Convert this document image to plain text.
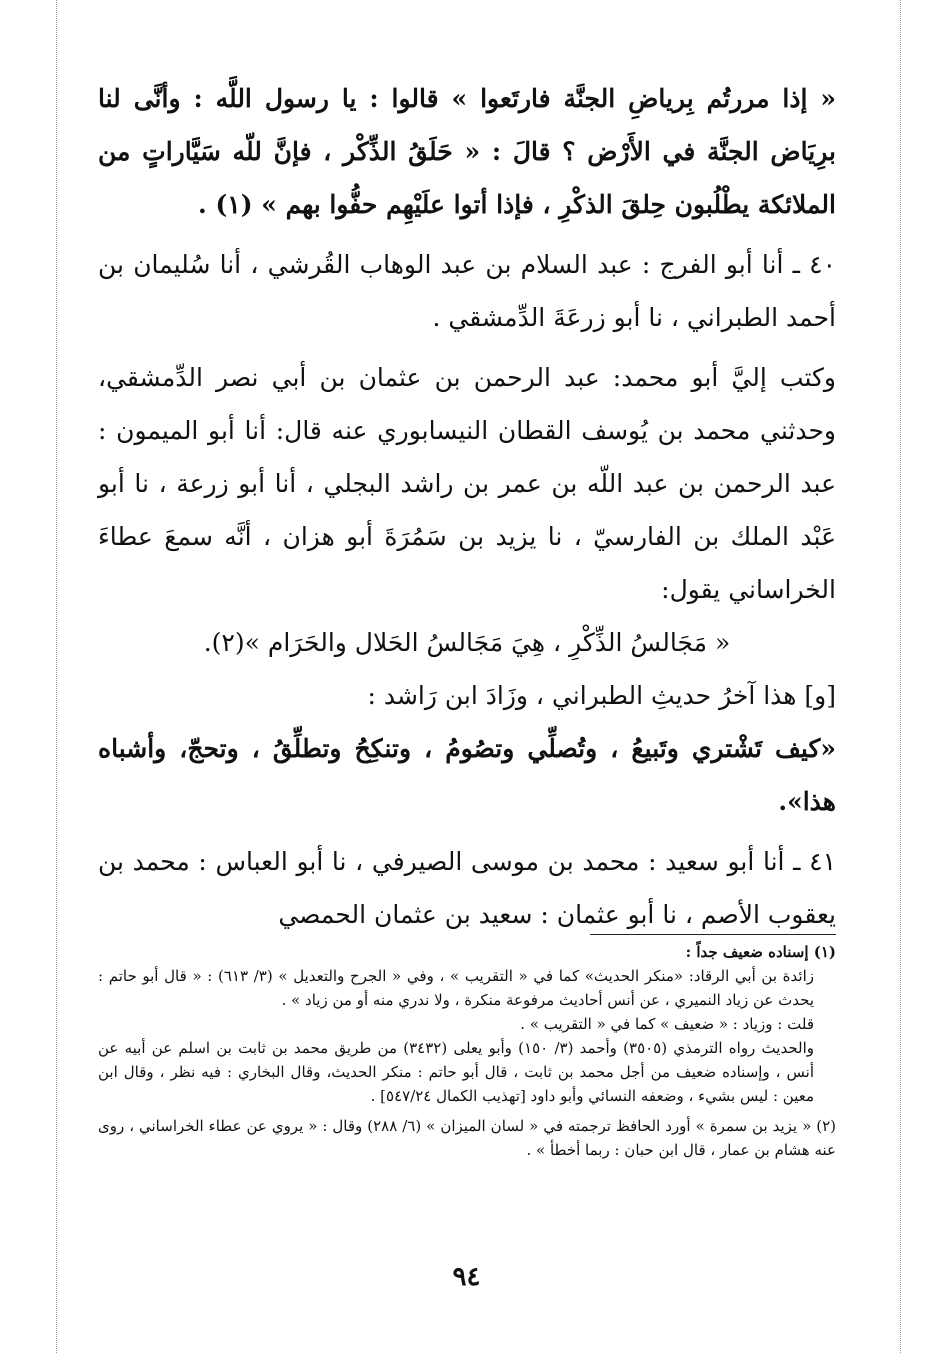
« إذا مررتُم بِرياضِ الجنَّة فارتَعوا » قالوا : يا رسول اللَّه : وأنَّى لنا برِيَاض الجنَّة في الأَرْض ؟ قالَ : « حَلَقُ الذِّكْر ، فإنَّ للّه سَيَّاراتٍ من الملائكة يطْلُبون حِلقَ الذكْرِ ، فإذا أتوا علَيْهِم حفُّوا بهم » (١) .

٤٠ ـ أنا أبو الفرج : عبد السلام بن عبد الوهاب القُرشي ، أنا سُليمان بن أحمد الطبراني ، نا أبو زرعَةَ الدِّمشقي .

وكتب إليَّ أبو محمد: عبد الرحمن بن عثمان بن أبي نصر الدِّمشقي، وحدثني محمد بن يُوسف القطان النيسابوري عنه قال: أنا أبو الميمون : عبد الرحمن بن عبد اللّه بن عمر بن راشد البجلي ، أنا أبو زرعة ، نا أبو عَبْد الملك بن الفارسيّ ، نا يزيد بن سَمُرَةَ أبو هزان ، أنَّه سمعَ عطاءَ الخراساني يقول:

« مَجَالسُ الذِّكْرِ ، هِيَ مَجَالسُ الحَلال والحَرَام »(٢).

[و] هذا آخرُ حديثِ الطبراني ، وزَادَ ابن رَاشد :

«كيف تَشْتري وتَبيعُ ، وتُصلِّي وتصُومُ ، وتنكِحُ وتطلِّقُ ، وتحجّ، وأشباه هذا».

٤١ ـ أنا أبو سعيد : محمد بن موسى الصيرفي ، نا أبو العباس : محمد بن يعقوب الأصم ، نا أبو عثمان : سعيد بن عثمان الحمصي

(١) إسناده ضعيف جداً :

زائدة بن أبي الرقاد: «منكر الحديث» كما في « التقريب » ، وفي « الجرح والتعديل » (٣/ ٦١٣) : « قال أبو حاتم : يحدث عن زياد النميري ، عن أنس أحاديث مرفوعة منكرة ، ولا ندري منه أو من زياد » .

قلت : وزياد : « ضعيف » كما في « التقريب » .

والحديث رواه الترمذي (٣٥٠٥) وأحمد (٣/ ١٥٠) وأبو يعلى (٣٤٣٢) من طريق محمد بن ثابت بن اسلم عن أبيه عن أنس ، وإسناده ضعيف من أجل محمد بن ثابت ، قال أبو حاتم : منكر الحديث، وقال البخاري : فيه نظر ، وقال ابن معين : ليس بشيء ، وضعفه النسائي وأبو داود [تهذيب الكمال ٥٤٧/٢٤] .

(٢) « يزيد بن سمرة » أورد الحافظ ترجمته في « لسان الميزان » (٦/ ٢٨٨) وقال : « يروي عن عطاء الخراساني ، روى عنه هشام بن عمار ، قال ابن حبان : ربما أخطأ » .

٩٤
